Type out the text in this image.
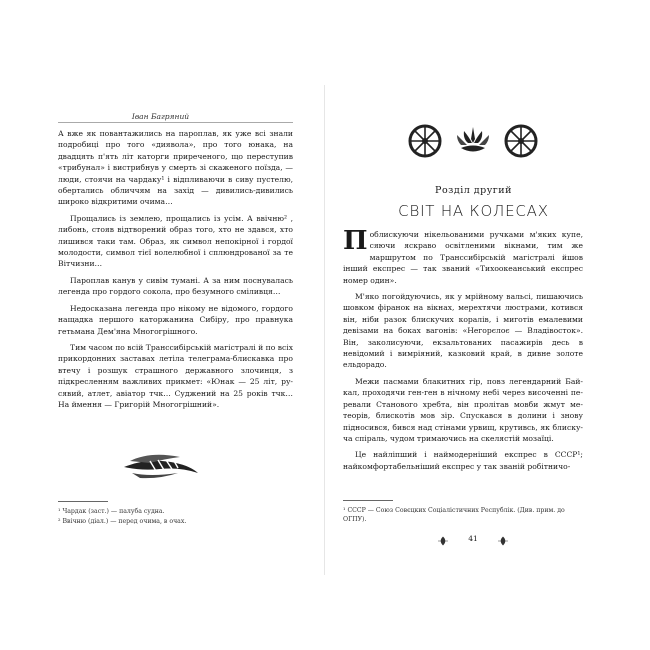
Іван Багряний

А вже як повантажились на пароплав, як уже всі знали подробиці про того «диявола», про того юнака, на двадцять п'ять літ каторги приреченого, що переступив «трибунал» і вистрибнув у смерть зі скаженого поїзда, — люди, стоячи на чардаку¹ і відпливаючи в сиву пустелю, обертались обличчям на захід — дивились-дивились широко відкритими очима…

Прощались із землею, прощались із усім. А ввічню² , либонь, стояв відтворений образ того, хто не здався, хто лишився таки там. Образ, як символ непокірної і гордої молодости, символ тієї волелюбної і сплюндрованої за те Вітчизни…

Пароплав канув у сивім тумані. А за ним поснувалась легенда про гордого сокола, про безумного сміливця…

Недосказана легенда про нікому не відомого, гордого нащадка першого каторжанина Сибіру, про правнука гетьмана Дем'яна Многогрішного.

Тим часом по всій Транссибірській магістралі й по всіх прикордонних заставах летіла телеграма-блискавка про втечу і розшук страшного державного злочинця, з підкресленням важливих прикмет: «Юнак — 25 літ, русявий, атлет, авіатор тчк… Суджений на 25 років тчк… На ймення — Григорій Многогрішний».

¹ Чардак (заст.) — палуба судна.
² Ввічню (діал.) — перед очима, в очах.
Розділ другий
СВІТ НА КОЛЕСАХ

Поблискуючи нікельованими ручками м'яких купе, сяючи яскраво освітленими вікнами, тим же маршрутом по Транссибірській магістралі йшов інший експрес — так званий «Тихоокеанський експрес номер один».

М'яко погойдуючись, як у мрійному вальсі, пишаючись шовком фіранок на вікнах, мерехтячи люстрами, котився він, ніби разок блискучих коралів, і миготів емалевими девізами на боках вагонів: «Негорєлоє — Владівосток». Він, заколисуючи, екзальтованих пасажирів десь в невідомий і вимріяний, казковий край, в дивне золоте ельдорадо.

Межи пасмами блакитних гір, повз легендарний Байкал, проходячи ген-ген в нічному небі через височенні перевали Станового хребта, він пролітав мовби жмут метеорів, блискотів мов зір. Спускався в долини і знову підносився, бився над стінами урвищ, крутивсь, як блискуча спіраль, чудом тримаючись на скелястій мозаїці.

Це найліпший і наймодерніший експрес в СССР¹; найкомфортабельніший експрес у так званій робітничо-

¹ СССР — Союз Совєцких Соціалістичних Республік. (Див. прим. до ОГПУ).
41
